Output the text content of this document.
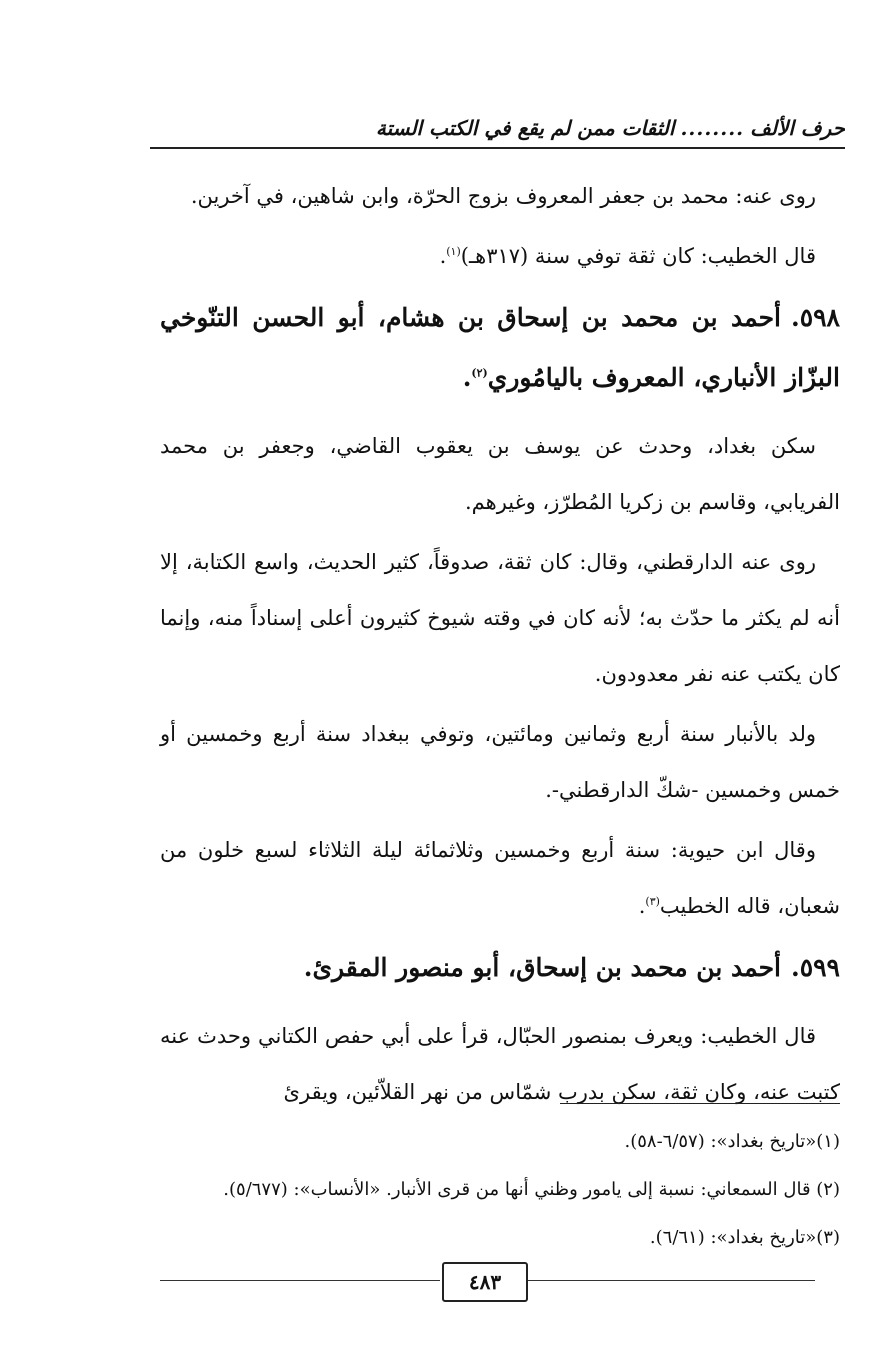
حرف الألف........الثقات ممن لم يقع في الكتب الستة

روى عنه: محمد بن جعفر المعروف بزوج الحرّة، وابن شاهين، في آخرين.

قال الخطيب: كان ثقة توفي سنة (٣١٧هـ)$^{(١)}$.

٥٩٨.أحمد بن محمد بن إسحاق بن هشام، أبو الحسن التنّوخي البزّاز الأنباري، المعروف باليامُوري$^{(٢)}$.

سكن بغداد، وحدث عن يوسف بن يعقوب القاضي، وجعفر بن محمد الفريابي، وقاسم بن زكريا المُطرّز، وغيرهم.

روى عنه الدارقطني، وقال: كان ثقة، صدوقاً، كثير الحديث، واسع الكتابة، إلا أنه لم يكثر ما حدّث به؛ لأنه كان في وقته شيوخ كثيرون أعلى إسناداً منه، وإنما كان يكتب عنه نفر معدودون.

ولد بالأنبار سنة أربع وثمانين ومائتين، وتوفي ببغداد سنة أربع وخمسين أو خمس وخمسين -شكّ الدارقطني-.

وقال ابن حيوية: سنة أربع وخمسين وثلاثمائة ليلة الثلاثاء لسبع خلون من شعبان، قاله الخطيب$^{(٣)}$.

٥٩٩.أحمد بن محمد بن إسحاق، أبو منصور المقرئ.

قال الخطيب: ويعرف بمنصور الحبّال، قرأ على أبي حفص الكتاني وحدث عنه كتبت عنه، وكان ثقة، سكن بدرب شمّاس من نهر القلاّئين، ويقرئ

(١)«تاريخ بغداد»: (٦/٥٧-٥٨).
(٢) قال السمعاني: نسبة إلى يامور وظني أنها من قرى الأنبار. «الأنساب»: (٥/٦٧٧).
(٣)«تاريخ بغداد»: (٦/٦١).
٤٨٣
